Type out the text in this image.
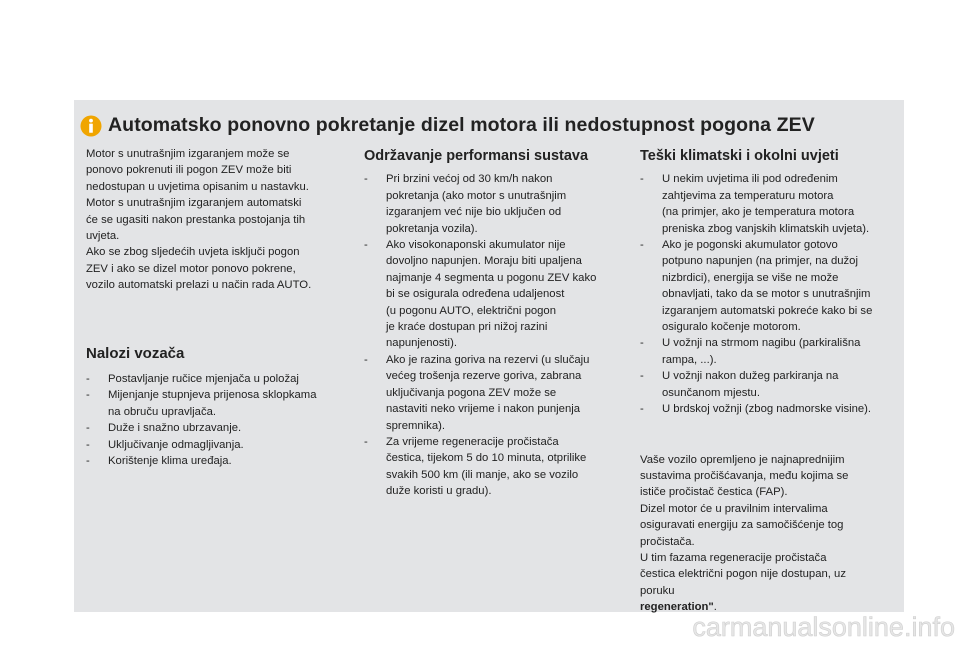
Automatsko ponovno pokretanje dizel motora ili nedostupnost pogona ZEV
Motor s unutrašnjim izgaranjem može se
ponovo pokrenuti ili pogon ZEV može biti
nedostupan u uvjetima opisanim u nastavku.
Motor s unutrašnjim izgaranjem automatski
će se ugasiti nakon prestanka postojanja tih
uvjeta.
Ako se zbog sljedećih uvjeta isključi pogon
ZEV i ako se dizel motor ponovo pokrene,
vozilo automatski prelazi u način rada AUTO.

Nalozi vozača

- Postavljanje ručice mjenjača u položaj
- Mijenjanje stupnjeva prijenosa sklopkama
na obruču upravljača.
- Duže i snažno ubrzavanje.
- Uključivanje odmagljivanja.
- Korištenje klima uređaja.

Održavanje performansi sustava

- Pri brzini većoj od 30 km/h nakon
pokretanja (ako motor s unutrašnjim
izgaranjem već nije bio uključen od
pokretanja vozila).
- Ako visokonaponski akumulator nije
dovoljno napunjen. Moraju biti upaljena
najmanje 4 segmenta u pogonu ZEV kako
bi se osigurala određena udaljenost
(u pogonu AUTO, električni pogon
je kraće dostupan pri nižoj razini
napunjenosti).
- Ako je razina goriva na rezervi (u slučaju
većeg trošenja rezerve goriva, zabrana
uključivanja pogona ZEV može se
nastaviti neko vrijeme i nakon punjenja
spremnika).
- Za vrijeme regeneracije pročistača
čestica, tijekom 5 do 10 minuta, otprilike
svakih 500 km (ili manje, ako se vozilo
duže koristi u gradu).

Teški klimatski i okolni uvjeti

- U nekim uvjetima ili pod određenim
zahtjevima za temperaturu motora
(na primjer, ako je temperatura motora
preniska zbog vanjskih klimatskih uvjeta).
- Ako je pogonski akumulator gotovo
potpuno napunjen (na primjer, na dužoj
nizbrdici), energija se više ne može
obnavljati, tako da se motor s unutrašnjim
izgaranjem automatski pokreće kako bi se
osiguralo kočenje motorom.
- U vožnji na strmom nagibu (parkirališna
rampa, ...).
- U vožnji nakon dužeg parkiranja na
osunčanom mjestu.
- U brdskoj vožnji (zbog nadmorske visine).
Vaše vozilo opremljeno je najnaprednijim
sustavima pročišćavanja, među kojima se
ističe pročistač čestica (FAP).
Dizel motor će u pravilnim intervalima
osiguravati energiju za samočišćenje tog
pročistača.
U tim fazama regeneracije pročistača
čestica električni pogon nije dostupan, uz
poruku
regeneration".
carmanualsonline.info
